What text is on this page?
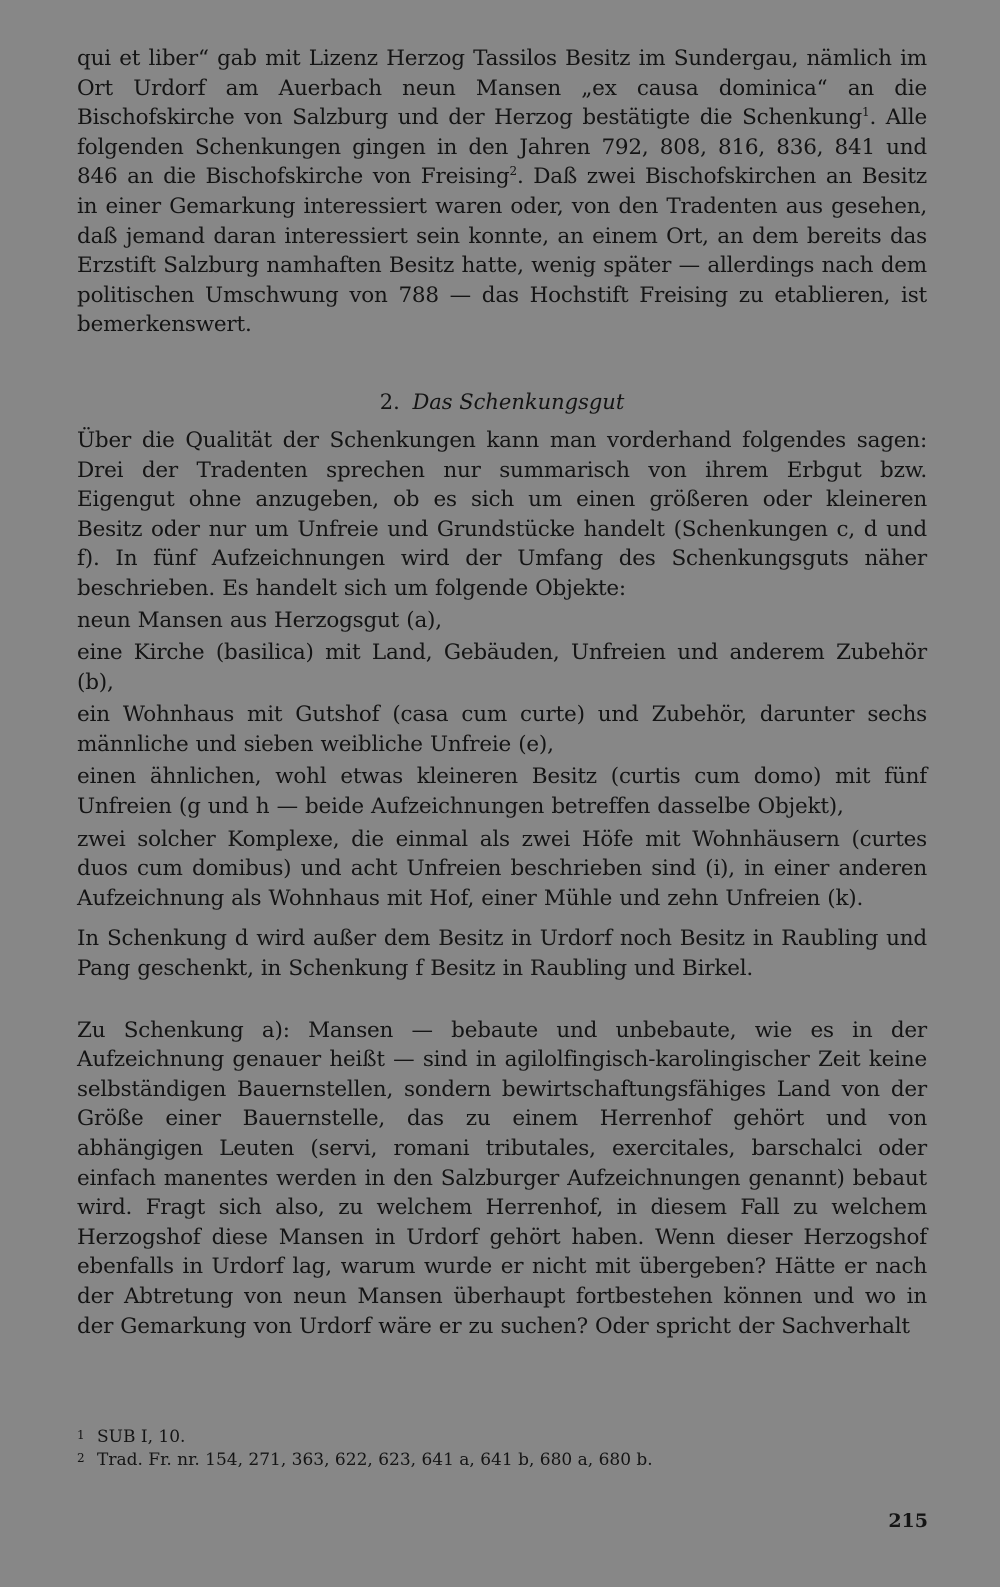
qui et liber“ gab mit Lizenz Herzog Tassilos Besitz im Sundergau, nämlich im Ort Urdorf am Auerbach neun Mansen „ex causa dominica“ an die Bischofskirche von Salzburg und der Herzog bestätigte die Schenkung$^1$. Alle folgenden Schenkungen gingen in den Jahren 792, 808, 816, 836, 841 und 846 an die Bischofskirche von Freising$^2$. Daß zwei Bischofskirchen an Besitz in einer Gemarkung interessiert waren oder, von den Tradenten aus gesehen, daß jemand daran interessiert sein konnte, an einem Ort, an dem bereits das Erzstift Salzburg namhaften Besitz hatte, wenig später — allerdings nach dem politischen Umschwung von 788 — das Hochstift Freising zu etablieren, ist bemerkenswert.

2. Das Schenkungsgut

Über die Qualität der Schenkungen kann man vorderhand folgendes sagen: Drei der Tradenten sprechen nur summarisch von ihrem Erbgut bzw. Eigengut ohne anzugeben, ob es sich um einen größeren oder kleineren Besitz oder nur um Unfreie und Grundstücke handelt (Schenkungen c, d und f). In fünf Aufzeichnungen wird der Umfang des Schenkungsguts näher beschrieben. Es handelt sich um folgende Objekte:

neun Mansen aus Herzogsgut (a),
eine Kirche (basilica) mit Land, Gebäuden, Unfreien und anderem Zubehör (b),
ein Wohnhaus mit Gutshof (casa cum curte) und Zubehör, darunter sechs männliche und sieben weibliche Unfreie (e),
einen ähnlichen, wohl etwas kleineren Besitz (curtis cum domo) mit fünf Unfreien (g und h — beide Aufzeichnungen betreffen dasselbe Objekt),
zwei solcher Komplexe, die einmal als zwei Höfe mit Wohnhäusern (curtes duos cum domibus) und acht Unfreien beschrieben sind (i), in einer anderen Aufzeichnung als Wohnhaus mit Hof, einer Mühle und zehn Unfreien (k).

In Schenkung d wird außer dem Besitz in Urdorf noch Besitz in Raubling und Pang geschenkt, in Schenkung f Besitz in Raubling und Birkel.

Zu Schenkung a): Mansen — bebaute und unbebaute, wie es in der Aufzeichnung genauer heißt — sind in agilolfingisch-karolingischer Zeit keine selbständigen Bauernstellen, sondern bewirtschaftungsfähiges Land von der Größe einer Bauernstelle, das zu einem Herrenhof gehört und von abhängigen Leuten (servi, romani tributales, exercitales, barschalci oder einfach manentes werden in den Salzburger Aufzeichnungen genannt) bebaut wird. Fragt sich also, zu welchem Herrenhof, in diesem Fall zu welchem Herzogshof diese Mansen in Urdorf gehört haben. Wenn dieser Herzogshof ebenfalls in Urdorf lag, warum wurde er nicht mit übergeben? Hätte er nach der Abtretung von neun Mansen überhaupt fortbestehen können und wo in der Gemarkung von Urdorf wäre er zu suchen? Oder spricht der Sachverhalt

1 SUB I, 10.
2 Trad. Fr. nr. 154, 271, 363, 622, 623, 641 a, 641 b, 680 a, 680 b.
215
